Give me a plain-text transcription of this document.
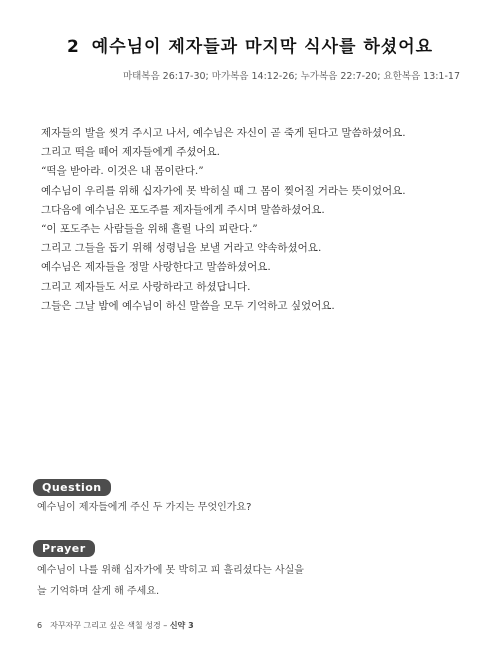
2 예수님이 제자들과 마지막 식사를 하셨어요
마태복음 26:17-30; 마가복음 14:12-26; 누가복음 22:7-20; 요한복음 13:1-17

제자들의 발을 씻겨 주시고 나서, 예수님은 자신이 곧 죽게 된다고 말씀하셨어요.

그리고 떡을 떼어 제자들에게 주셨어요.

“떡을 받아라. 이것은 내 몸이란다.”

예수님이 우리를 위해 십자가에 못 박히실 때 그 몸이 찢어질 거라는 뜻이었어요.

그다음에 예수님은 포도주를 제자들에게 주시며 말씀하셨어요.

“이 포도주는 사람들을 위해 흘릴 나의 피란다.”

그리고 그들을 돕기 위해 성령님을 보낼 거라고 약속하셨어요.

예수님은 제자들을 정말 사랑한다고 말씀하셨어요.

그리고 제자들도 서로 사랑하라고 하셨답니다.

그들은 그날 밤에 예수님이 하신 말씀을 모두 기억하고 싶었어요.

Question
예수님이 제자들에게 주신 두 가지는 무엇인가요?
Prayer
예수님이 나를 위해 십자가에 못 박히고 피 흘리셨다는 사실을
늘 기억하며 살게 해 주세요.
6 자꾸자꾸 그리고 싶은 색칠 성경 – 신약 3
